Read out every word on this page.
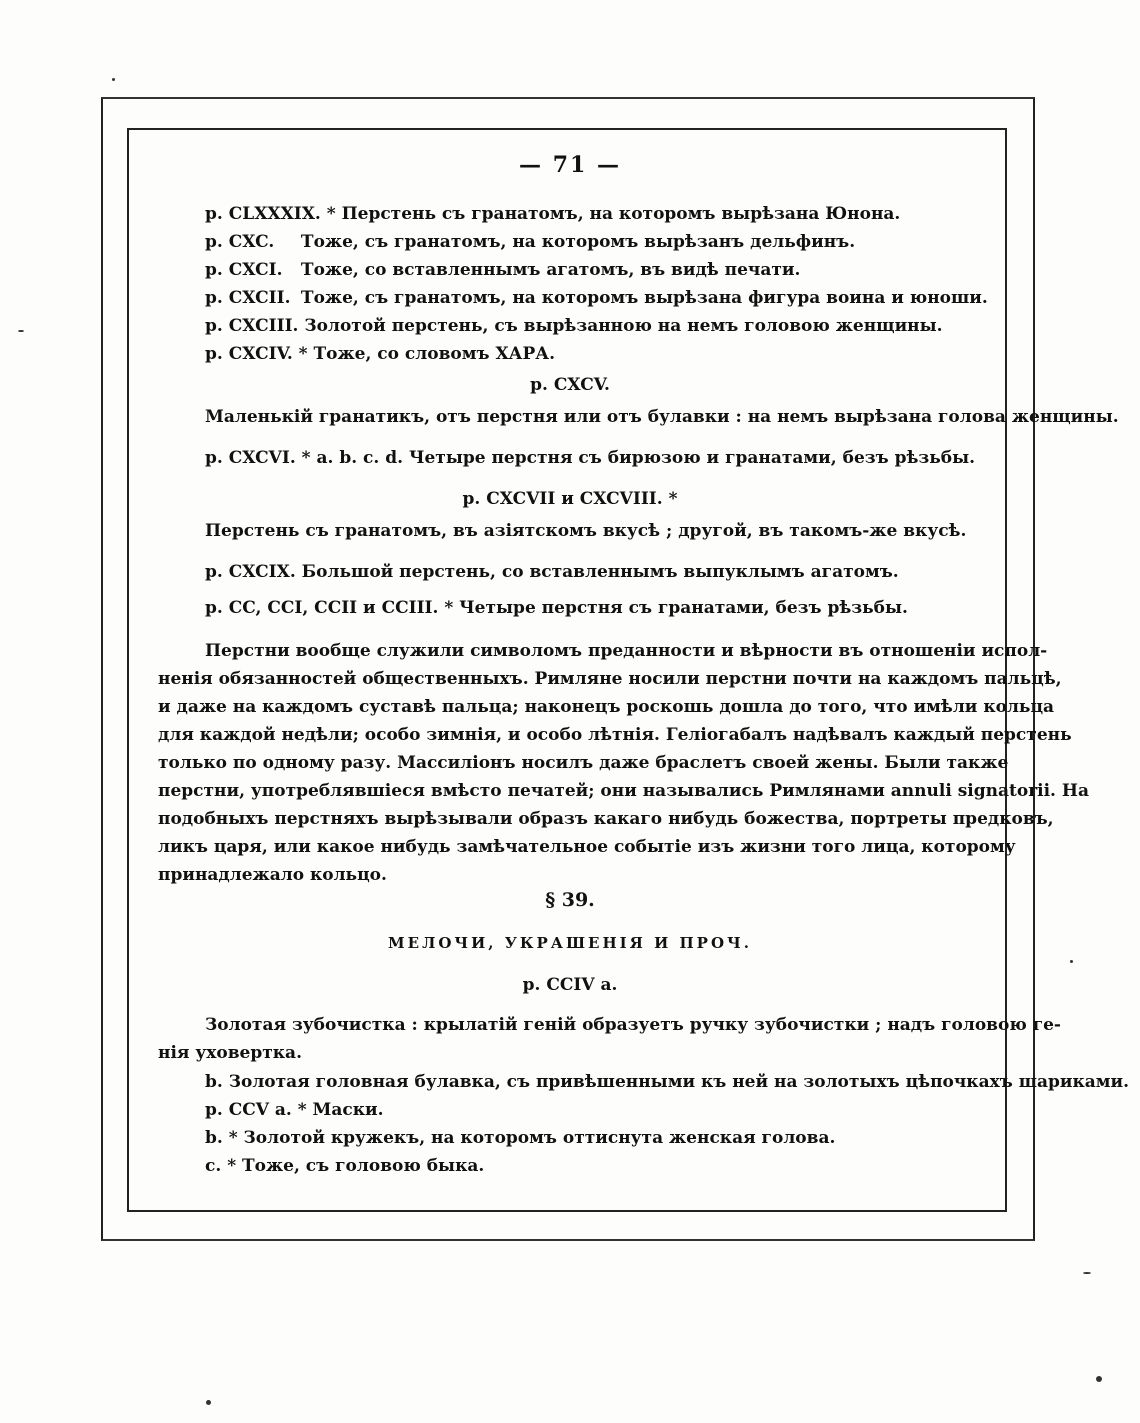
— 71 —
p. CLXXXIX. * Перстень съ гранатомъ, на которомъ вырѣзана Юнона.
p. CXC. Тоже, съ гранатомъ, на которомъ вырѣзанъ дельфинъ.
p. CXCI. Тоже, со вставленнымъ агатомъ, въ видѣ печати.
p. CXCII. Тоже, съ гранатомъ, на которомъ вырѣзана фигура воина и юноши.
p. CXCIII. Золотой перстень, съ вырѣзанною на немъ головою женщины.
p. CXCIV. * Тоже, со словомъ ХАРА.
p. CXCV.
Маленькій гранатикъ, отъ перстня или отъ булавки : на немъ вырѣзана голова женщины.
p. CXCVI. * a. b. c. d. Четыре перстня съ бирюзою и гранатами, безъ рѣзьбы.
p. CXCVII и CXCVIII. *
Перстень съ гранатомъ, въ азіятскомъ вкусѣ ; другой, въ такомъ-же вкусѣ.
p. CXCIX. Большой перстень, со вставленнымъ выпуклымъ агатомъ.
p. CC, CCI, CCII и CCIII. * Четыре перстня съ гранатами, безъ рѣзьбы.
Перстни вообще служили символомъ преданности и вѣрности въ отношеніи испол-
ненія обязанностей общественныхъ. Римляне носили перстни почти на каждомъ пальцѣ,
и даже на каждомъ суставѣ пальца; наконецъ роскошь дошла до того, что имѣли кольца
для каждой недѣли; особо зимнія, и особо лѣтнія. Геліогабалъ надѣвалъ каждый перстень
только по одному разу. Массиліонъ носилъ даже браслетъ своей жены. Были также
перстни, употреблявшіеся вмѣсто печатей; они назывались Римлянами annuli signatorii. На
подобныхъ перстняхъ вырѣзывали образъ какаго нибудь божества, портреты предковъ,
ликъ царя, или какое нибудь замѣчательное событіе изъ жизни того лица, которому
принадлежало кольцо.
§ 39.
МЕЛОЧИ, УКРАШЕНІЯ И ПРОЧ.
p. CCIV a.
Золотая зубочистка : крылатій геній образуетъ ручку зубочистки ; надъ головою ге-
нія уховертка.
b. Золотая головная булавка, съ привѣшенными къ ней на золотыхъ цѣпочкахъ шариками.
p. CCV a. * Маски.
b. * Золотой кружекъ, на которомъ оттиснута женская голова.
c. * Тоже, съ головою быка.
